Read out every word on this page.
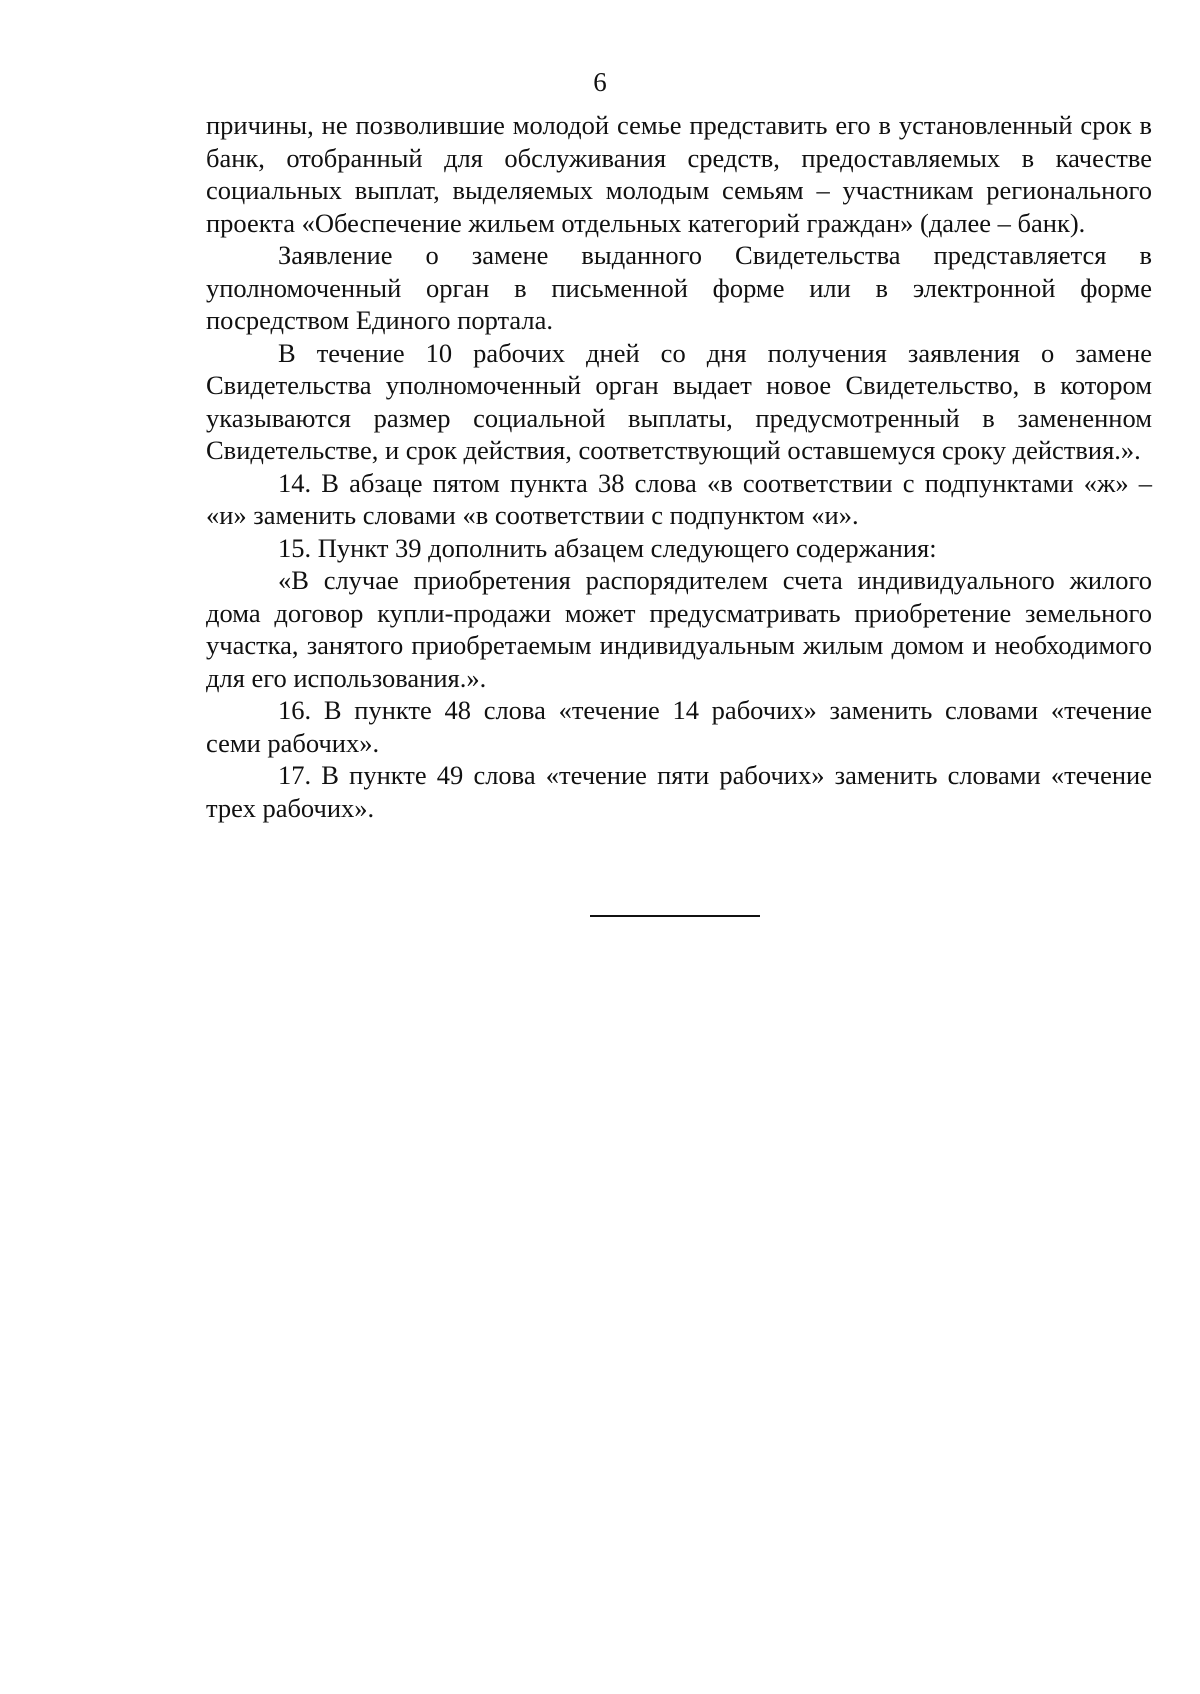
6

причины, не позволившие молодой семье представить его в установленный срок в банк, отобранный для обслуживания средств, предоставляемых в качестве социальных выплат, выделяемых молодым семьям – участникам регионального проекта «Обеспечение жильем отдельных категорий граждан» (далее – банк).

Заявление о замене выданного Свидетельства представляется в уполномоченный орган в письменной форме или в электронной форме посредством Единого портала.

В течение 10 рабочих дней со дня получения заявления о замене Свидетельства уполномоченный орган выдает новое Свидетельство, в котором указываются размер социальной выплаты, предусмотренный в замененном Свидетельстве, и срок действия, соответствующий оставшемуся сроку действия.».

14. В абзаце пятом пункта 38 слова «в соответствии с подпунктами «ж» – «и» заменить словами «в соответствии с подпунктом «и».

15. Пункт 39 дополнить абзацем следующего содержания:

«В случае приобретения распорядителем счета индивидуального жилого дома договор купли-продажи может предусматривать приобретение земельного участка, занятого приобретаемым индивидуальным жилым домом и необходимого для его использования.».

16. В пункте 48 слова «течение 14 рабочих» заменить словами «течение семи рабочих».

17. В пункте 49 слова «течение пяти рабочих» заменить словами «течение трех рабочих».
